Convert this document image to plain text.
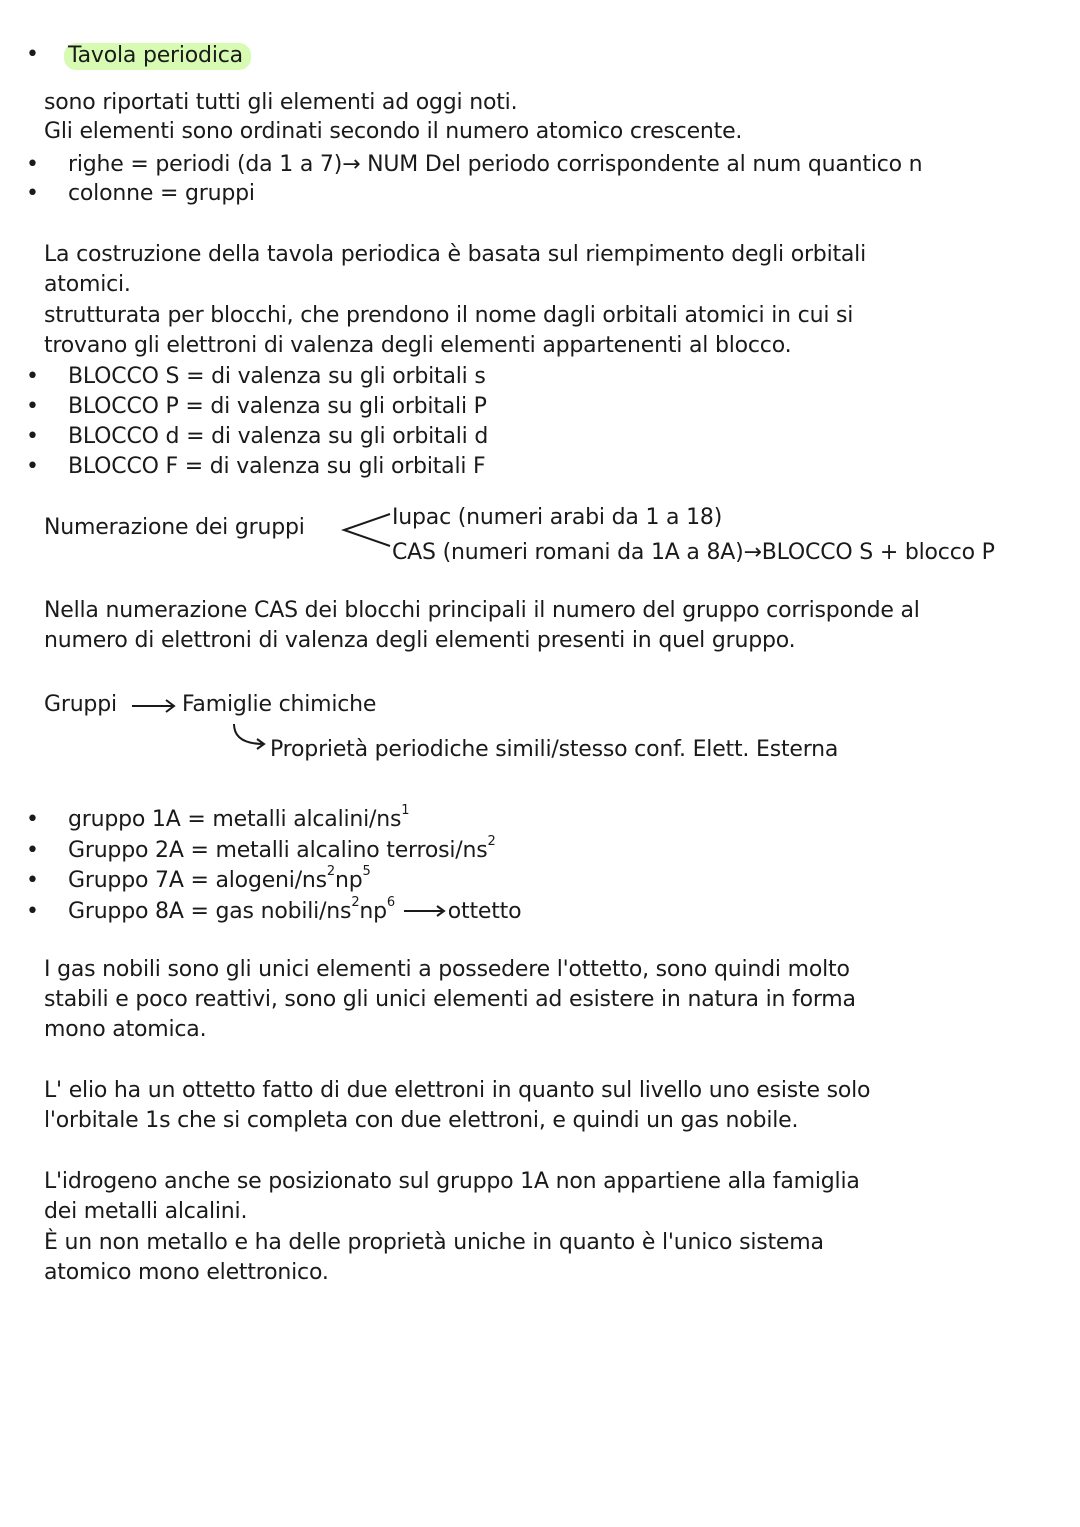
• Tavola periodica
sono riportati tutti gli elementi ad oggi noti.
Gli elementi sono ordinati secondo il numero atomico crescente.
• righe = periodi (da 1 a 7)→ NUM Del periodo corrispondente al num quantico n
• colonne = gruppi
La costruzione della tavola periodica è basata sul riempimento degli orbitali
atomici.
strutturata per blocchi, che prendono il nome dagli orbitali atomici in cui si
trovano gli elettroni di valenza degli elementi appartenenti al blocco.
• BLOCCO S = di valenza su gli orbitali s
• BLOCCO P = di valenza su gli orbitali P
• BLOCCO d = di valenza su gli orbitali d
• BLOCCO F = di valenza su gli orbitali F
Numerazione dei gruppi	Iupac (numeri arabi da 1 a 18)
CAS (numeri romani da 1A a 8A)→BLOCCO S + blocco P
Nella numerazione CAS dei blocchi principali il numero del gruppo corrisponde al
numero di elettroni di valenza degli elementi presenti in quel gruppo.
Gruppi	Famiglie chimiche
Proprietà periodiche simili/stesso conf. Elett. Esterna
• gruppo 1A = metalli alcalini/$ns^1$
• Gruppo 2A = metalli alcalino terrosi/$ns^2$
• Gruppo 7A = alogeni/$ns^2np^5$
• Gruppo 8A = gas nobili/$ns^2np^6$ ottetto
I gas nobili sono gli unici elementi a possedere l'ottetto, sono quindi molto
stabili e poco reattivi, sono gli unici elementi ad esistere in natura in forma
mono atomica.
L' elio ha un ottetto fatto di due elettroni in quanto sul livello uno esiste solo
l'orbitale 1s che si completa con due elettroni, e quindi un gas nobile.
L'idrogeno anche se posizionato sul gruppo 1A non appartiene alla famiglia
dei metalli alcalini.
È un non metallo e ha delle proprietà uniche in quanto è l'unico sistema
atomico mono elettronico.
